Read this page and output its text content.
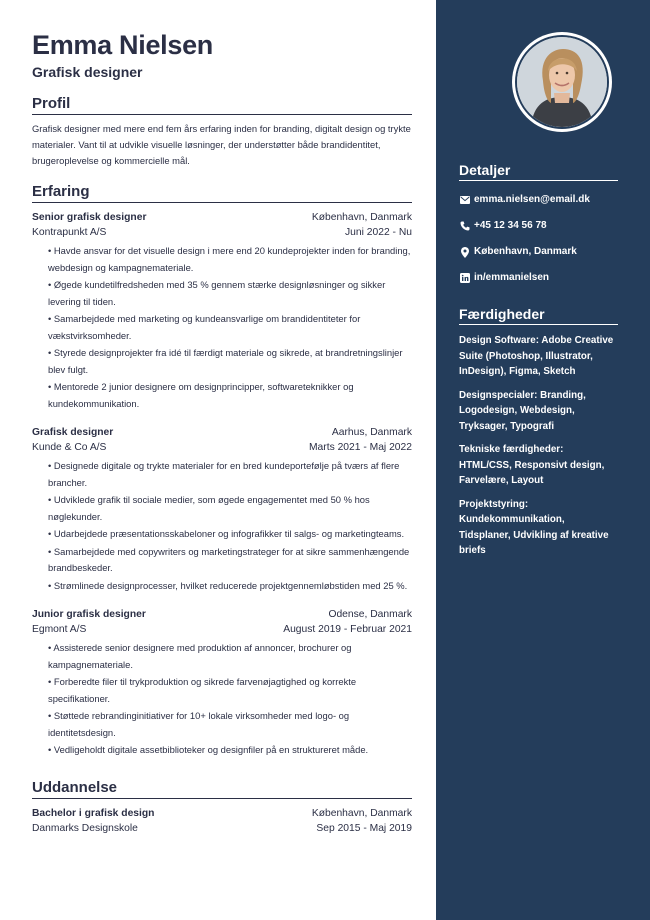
Emma Nielsen
Grafisk designer
Profil

Grafisk designer med mere end fem års erfaring inden for branding, digitalt design og trykte materialer. Vant til at udvikle visuelle løsninger, der understøtter både brandidentitet, brugeroplevelse og kommercielle mål.

Erfaring
Senior grafisk designer	København, Danmark
Kontrapunkt A/S	Juni 2022 - Nu
• Havde ansvar for det visuelle design i mere end 20 kundeprojekter inden for branding, webdesign og kampagnemateriale.
• Øgede kundetilfredsheden med 35 % gennem stærke designløsninger og sikker levering til tiden.
• Samarbejdede med marketing og kundeansvarlige om brandidentiteter for vækstvirksomheder.
• Styrede designprojekter fra idé til færdigt materiale og sikrede, at brandretningslinjer blev fulgt.
• Mentorede 2 junior designere om designprincipper, softwareteknikker og kundekommunikation.
Grafisk designer	Aarhus, Danmark
Kunde & Co A/S	Marts 2021 - Maj 2022
• Designede digitale og trykte materialer for en bred kundeportefølje på tværs af flere brancher.
• Udviklede grafik til sociale medier, som øgede engagementet med 50 % hos nøglekunder.
• Udarbejdede præsentationsskabeloner og infografikker til salgs- og marketingteams.
• Samarbejdede med copywriters og marketingstrateger for at sikre sammenhængende brandbeskeder.
• Strømlinede designprocesser, hvilket reducerede projektgennemløbstiden med 25 %.
Junior grafisk designer	Odense, Danmark
Egmont A/S	August 2019 - Februar 2021
• Assisterede senior designere med produktion af annoncer, brochurer og kampagnemateriale.
• Forberedte filer til trykproduktion og sikrede farvenøjagtighed og korrekte specifikationer.
• Støttede rebrandinginitiativer for 10+ lokale virksomheder med logo- og identitetsdesign.
• Vedligeholdt digitale assetbiblioteker og designfiler på en struktureret måde.
Uddannelse
Bachelor i grafisk design	København, Danmark
Danmarks Designskole	Sep 2015 - Maj 2019
Detaljer
emma.nielsen@email.dk
+45 12 34 56 78
København, Danmark
in/emmanielsen
Færdigheder
Design Software: Adobe Creative Suite (Photoshop, Illustrator, InDesign), Figma, Sketch
Designspecialer: Branding, Logodesign, Webdesign, Tryksager, Typografi
Tekniske færdigheder: HTML/CSS, Responsivt design, Farvelære, Layout
Projektstyring: Kundekommunikation, Tidsplaner, Udvikling af kreative briefs
